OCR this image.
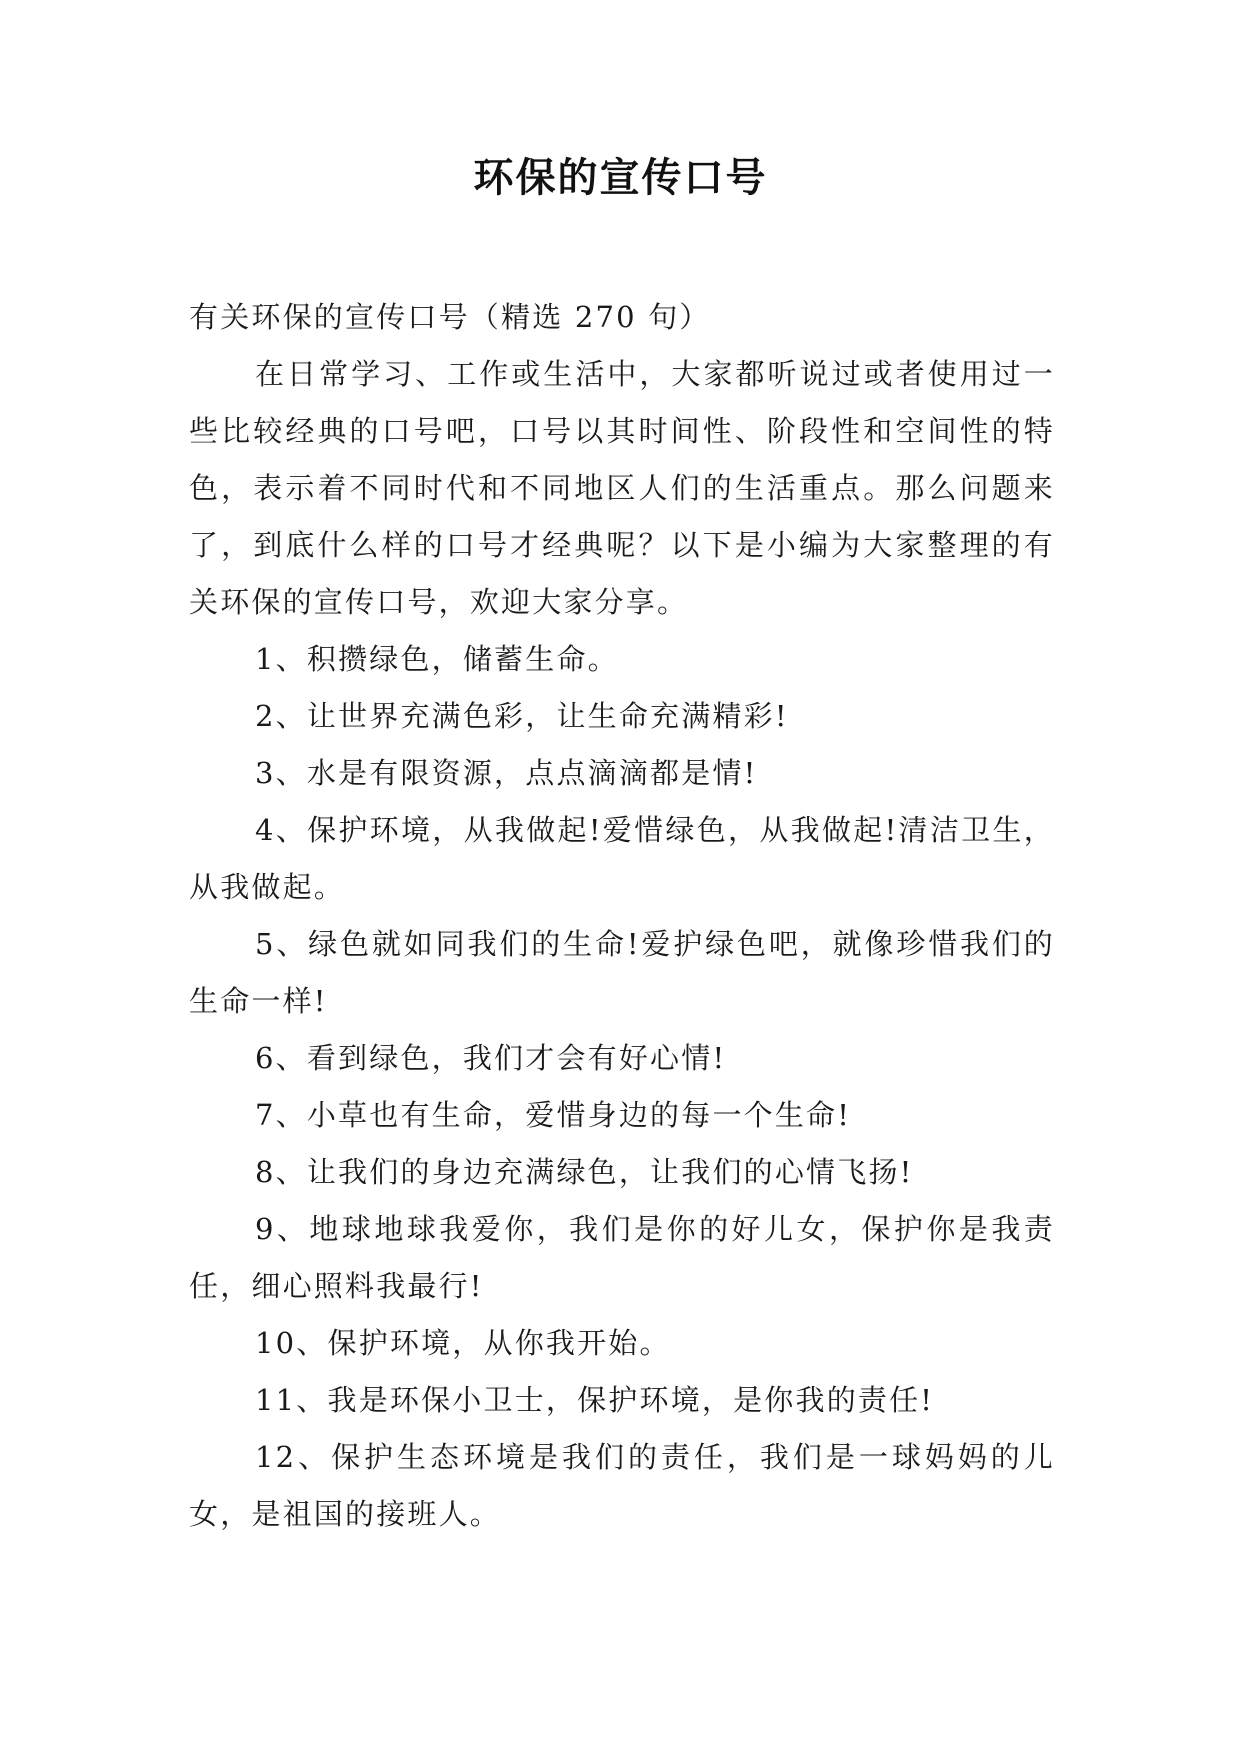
环保的宣传口号

有关环保的宣传口号（精选 270 句）

在日常学习、工作或生活中，大家都听说过或者使用过一些比较经典的口号吧，口号以其时间性、阶段性和空间性的特色，表示着不同时代和不同地区人们的生活重点。那么问题来了，到底什么样的口号才经典呢？以下是小编为大家整理的有关环保的宣传口号，欢迎大家分享。

1、积攒绿色，储蓄生命。

2、让世界充满色彩，让生命充满精彩!

3、水是有限资源，点点滴滴都是情!

4、保护环境，从我做起!爱惜绿色，从我做起!清洁卫生，从我做起。

5、绿色就如同我们的生命!爱护绿色吧，就像珍惜我们的生命一样!

6、看到绿色，我们才会有好心情!

7、小草也有生命，爱惜身边的每一个生命!

8、让我们的身边充满绿色，让我们的心情飞扬!

9、地球地球我爱你，我们是你的好儿女，保护你是我责任，细心照料我最行!

10、保护环境，从你我开始。

11、我是环保小卫士，保护环境，是你我的责任!

12、保护生态环境是我们的责任，我们是一球妈妈的儿女，是祖国的接班人。
